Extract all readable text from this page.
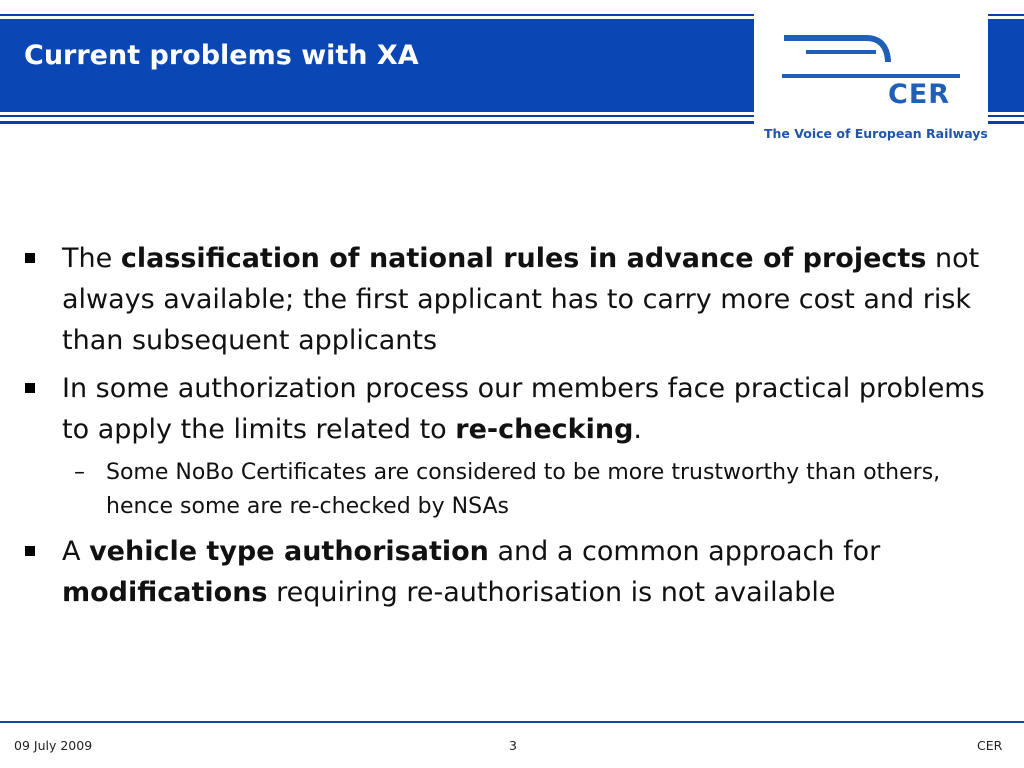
Current problems with XA
CER
The Voice of European Railways

The classification of national rules in advance of projects not always available; the first applicant has to carry more cost and risk than subsequent applicants

In some authorization process our members face practical problems to apply the limits related to re-checking.

– Some NoBo Certificates are considered to be more trustworthy than others, hence some are re-checked by NSAs

A vehicle type authorisation and a common approach for modifications requiring re-authorisation is not available

09 July 2009	3	CER
